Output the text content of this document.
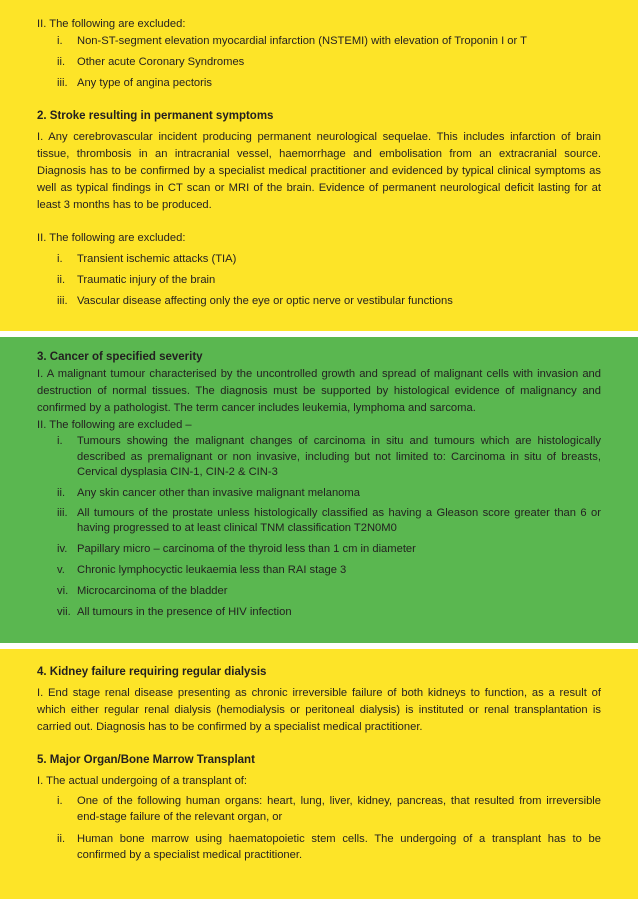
II. The following are excluded:

i. Non-ST-segment elevation myocardial infarction (NSTEMI) with elevation of Troponin I or T
ii. Other acute Coronary Syndromes
iii. Any type of angina pectoris

2. Stroke resulting in permanent symptoms

I. Any cerebrovascular incident producing permanent neurological sequelae. This includes infarction of brain tissue, thrombosis in an intracranial vessel, haemorrhage and embolisation from an extracranial source. Diagnosis has to be confirmed by a specialist medical practitioner and evidenced by typical clinical symptoms as well as typical findings in CT scan or MRI of the brain. Evidence of permanent neurological deficit lasting for at least 3 months has to be produced.

II. The following are excluded:

i. Transient ischemic attacks (TIA)
ii. Traumatic injury of the brain
iii. Vascular disease affecting only the eye or optic nerve or vestibular functions

3. Cancer of specified severity

I. A malignant tumour characterised by the uncontrolled growth and spread of malignant cells with invasion and destruction of normal tissues. The diagnosis must be supported by histological evidence of malignancy and confirmed by a pathologist. The term cancer includes leukemia, lymphoma and sarcoma.

II. The following are excluded –

i. Tumours showing the malignant changes of carcinoma in situ and tumours which are histologically described as premalignant or non invasive, including but not limited to: Carcinoma in situ of breasts, Cervical dysplasia CIN-1, CIN-2 & CIN-3
ii. Any skin cancer other than invasive malignant melanoma
iii. All tumours of the prostate unless histologically classified as having a Gleason score greater than 6 or having progressed to at least clinical TNM classification T2N0M0
iv. Papillary micro – carcinoma of the thyroid less than 1 cm in diameter
v. Chronic lymphocyctic leukaemia less than RAI stage 3
vi. Microcarcinoma of the bladder
vii. All tumours in the presence of HIV infection

4. Kidney failure requiring regular dialysis

I. End stage renal disease presenting as chronic irreversible failure of both kidneys to function, as a result of which either regular renal dialysis (hemodialysis or peritoneal dialysis) is instituted or renal transplantation is carried out. Diagnosis has to be confirmed by a specialist medical practitioner.

5. Major Organ/Bone Marrow Transplant

I. The actual undergoing of a transplant of:

i. One of the following human organs: heart, lung, liver, kidney, pancreas, that resulted from irreversible end-stage failure of the relevant organ, or
ii. Human bone marrow using haematopoietic stem cells. The undergoing of a transplant has to be confirmed by a specialist medical practitioner.
